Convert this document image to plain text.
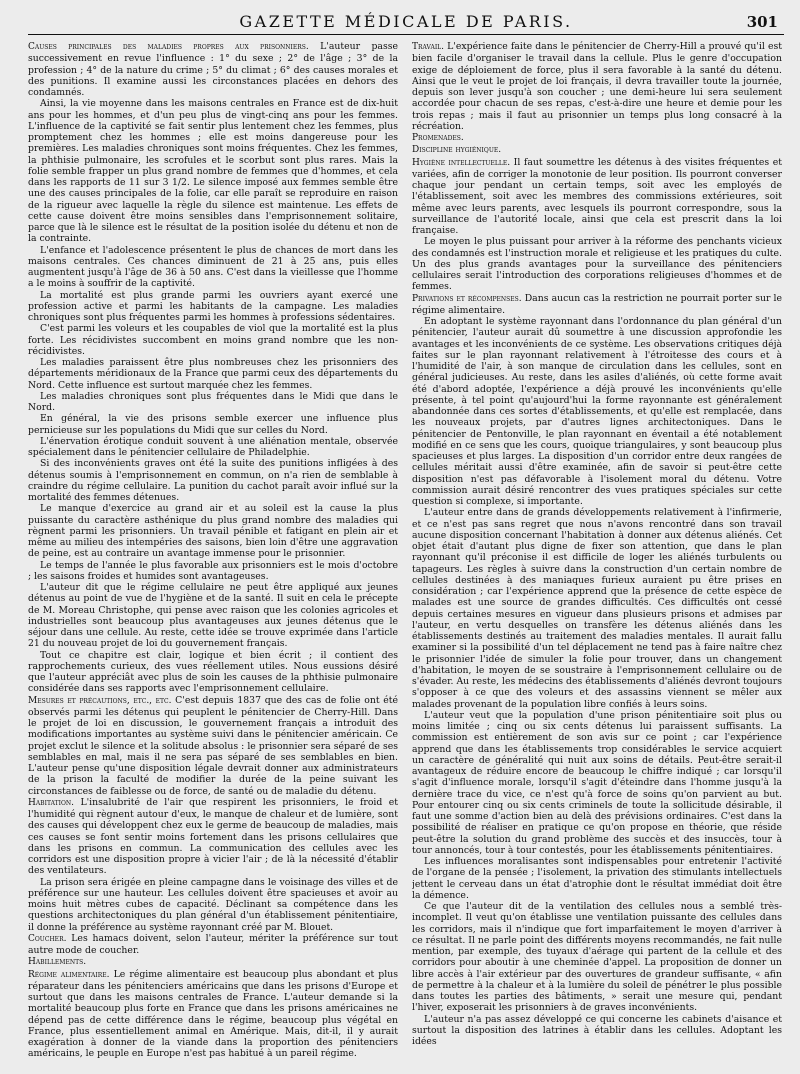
GAZETTE MÉDICALE DE PARIS.	301

Causes principales des maladies propres aux prisonniers. L'auteur passe successivement en revue l'influence : 1° du sexe ; 2° de l'âge ; 3° de la profession ; 4° de la nature du crime ; 5° du climat ; 6° des causes morales et des punitions. Il examine aussi les circonstances placées en dehors des condamnés.

Ainsi, la vie moyenne dans les maisons centrales en France est de dix-huit ans pour les hommes, et d'un peu plus de vingt-cinq ans pour les femmes. L'influence de la captivité se fait sentir plus lentement chez les femmes, plus promptement chez les hommes ; elle est moins dangereuse pour les premières. Les maladies chroniques sont moins fréquentes. Chez les femmes, la phthisie pulmonaire, les scrofules et le scorbut sont plus rares. Mais la folie semble frapper un plus grand nombre de femmes que d'hommes, et cela dans les rapports de 11 sur 3 1/2. Le silence imposé aux femmes semble être une des causes principales de la folie, car elle paraît se reproduire en raison de la rigueur avec laquelle la règle du silence est maintenue. Les effets de cette cause doivent être moins sensibles dans l'emprisonnement solitaire, parce que là le silence est le résultat de la position isolée du détenu et non de la contrainte.

L'enfance et l'adolescence présentent le plus de chances de mort dans les maisons centrales. Ces chances diminuent de 21 à 25 ans, puis elles augmentent jusqu'à l'âge de 36 à 50 ans. C'est dans la vieillesse que l'homme a le moins à souffrir de la captivité.

La mortalité est plus grande parmi les ouvriers ayant exercé une profession active et parmi les habitants de la campagne. Les maladies chroniques sont plus fréquentes parmi les hommes à professions sédentaires.

C'est parmi les voleurs et les coupables de viol que la mortalité est la plus forte. Les récidivistes succombent en moins grand nombre que les non-récidivistes.

Les maladies paraissent être plus nombreuses chez les prisonniers des départements méridionaux de la France que parmi ceux des départements du Nord. Cette influence est surtout marquée chez les femmes.

Les maladies chroniques sont plus fréquentes dans le Midi que dans le Nord.

En général, la vie des prisons semble exercer une influence plus pernicieuse sur les populations du Midi que sur celles du Nord.

L'énervation érotique conduit souvent à une aliénation mentale, observée spécialement dans le pénitencier cellulaire de Philadelphie.

Si des inconvénients graves ont été la suite des punitions infligées à des détenus soumis à l'emprisonnement en commun, on n'a rien de semblable à craindre du régime cellulaire. La punition du cachot paraît avoir influé sur la mortalité des femmes détenues.

Le manque d'exercice au grand air et au soleil est la cause la plus puissante du caractère asthénique du plus grand nombre des maladies qui règnent parmi les prisonniers. Un travail pénible et fatigant en plein air et même au milieu des intempéries des saisons, bien loin d'être une aggravation de peine, est au contraire un avantage immense pour le prisonnier.

Le temps de l'année le plus favorable aux prisonniers est le mois d'octobre ; les saisons froides et humides sont avantageuses.

L'auteur dit que le régime cellulaire ne peut être appliqué aux jeunes détenus au point de vue de l'hygiène et de la santé. Il suit en cela le précepte de M. Moreau Christophe, qui pense avec raison que les colonies agricoles et industrielles sont beaucoup plus avantageuses aux jeunes détenus que le séjour dans une cellule. Au reste, cette idée se trouve exprimée dans l'article 21 du nouveau projet de loi du gouvernement français.

Tout ce chapitre est clair, logique et bien écrit ; il contient des rapprochements curieux, des vues réellement utiles. Nous eussions désiré que l'auteur appréciât avec plus de soin les causes de la phthisie pulmonaire considérée dans ses rapports avec l'emprisonnement cellulaire.

Mesures et précautions, etc., etc. C'est depuis 1837 que des cas de folie ont été observés parmi les détenus qui peuplent le pénitencier de Cherry-Hill. Dans le projet de loi en discussion, le gouvernement français a introduit des modifications importantes au système suivi dans le pénitencier américain. Ce projet exclut le silence et la solitude absolus : le prisonnier sera séparé de ses semblables en mal, mais il ne sera pas séparé de ses semblables en bien. L'auteur pense qu'une disposition légale devrait donner aux administrateurs de la prison la faculté de modifier la durée de la peine suivant les circonstances de faiblesse ou de force, de santé ou de maladie du détenu.

Habitation. L'insalubrité de l'air que respirent les prisonniers, le froid et l'humidité qui règnent autour d'eux, le manque de chaleur et de lumière, sont des causes qui développent chez eux le germe de beaucoup de maladies, mais ces causes se font sentir moins fortement dans les prisons cellulaires que dans les prisons en commun. La communication des cellules avec les corridors est une disposition propre à vicier l'air ; de là la nécessité d'établir des ventilateurs.

La prison sera érigée en pleine campagne dans le voisinage des villes et de préférence sur une hauteur. Les cellules doivent être spacieuses et avoir au moins huit mètres cubes de capacité. Déclinant sa compétence dans les questions architectoniques du plan général d'un établissement pénitentiaire, il donne la préférence au système rayonnant créé par M. Blouet.

Coucher. Les hamacs doivent, selon l'auteur, mériter la préférence sur tout autre mode de coucher.

Habillements.

Régime alimentaire. Le régime alimentaire est beaucoup plus abondant et plus réparateur dans les pénitenciers américains que dans les prisons d'Europe et surtout que dans les maisons centrales de France. L'auteur demande si la mortalité beaucoup plus forte en France que dans les prisons américaines ne dépend pas de cette différence dans le régime, beaucoup plus végétal en France, plus essentiellement animal en Amérique. Mais, dit-il, il y aurait exagération à donner de la viande dans la proportion des pénitenciers américains, le peuple en Europe n'est pas habitué à un pareil régime.

Travail. L'expérience faite dans le pénitencier de Cherry-Hill a prouvé qu'il est bien facile d'organiser le travail dans la cellule. Plus le genre d'occupation exige de déploiement de force, plus il sera favorable à la santé du détenu. Ainsi que le veut le projet de loi français, il devra travailler toute la journée, depuis son lever jusqu'à son coucher ; une demi-heure lui sera seulement accordée pour chacun de ses repas, c'est-à-dire une heure et demie pour les trois repas ; mais il faut au prisonnier un temps plus long consacré à la récréation.

Promenades.

Discipline hygiénique.

Hygiène intellectuelle. Il faut soumettre les détenus à des visites fréquentes et variées, afin de corriger la monotonie de leur position. Ils pourront converser chaque jour pendant un certain temps, soit avec les employés de l'établissement, soit avec les membres des commissions extérieures, soit même avec leurs parents, avec lesquels ils pourront correspondre, sous la surveillance de l'autorité locale, ainsi que cela est prescrit dans la loi française.

Le moyen le plus puissant pour arriver à la réforme des penchants vicieux des condamnés est l'instruction morale et religieuse et les pratiques du culte. Un des plus grands avantages pour la surveillance des pénitenciers cellulaires serait l'introduction des corporations religieuses d'hommes et de femmes.

Privations et récompenses. Dans aucun cas la restriction ne pourrait porter sur le régime alimentaire.

En adoptant le système rayonnant dans l'ordonnance du plan général d'un pénitencier, l'auteur aurait dû soumettre à une discussion approfondie les avantages et les inconvénients de ce système. Les observations critiques déjà faites sur le plan rayonnant relativement à l'étroitesse des cours et à l'humidité de l'air, à son manque de circulation dans les cellules, sont en général judicieuses. Au reste, dans les asiles d'aliénés, où cette forme avait été d'abord adoptée, l'expérience a déjà prouvé les inconvénients qu'elle présente, à tel point qu'aujourd'hui la forme rayonnante est généralement abandonnée dans ces sortes d'établissements, et qu'elle est remplacée, dans les nouveaux projets, par d'autres lignes architectoniques. Dans le pénitencier de Pentonville, le plan rayonnant en éventail a été notablement modifié en ce sens que les cours, quoique triangulaires, y sont beaucoup plus spacieuses et plus larges. La disposition d'un corridor entre deux rangées de cellules méritait aussi d'être examinée, afin de savoir si peut-être cette disposition n'est pas défavorable à l'isolement moral du détenu. Votre commission aurait désiré rencontrer des vues pratiques spéciales sur cette question si complexe, si importante.

L'auteur entre dans de grands développements relativement à l'infirmerie, et ce n'est pas sans regret que nous n'avons rencontré dans son travail aucune disposition concernant l'habitation à donner aux détenus aliénés. Cet objet était d'autant plus digne de fixer son attention, que dans le plan rayonnant qu'il préconise il est difficile de loger les aliénés turbulents ou tapageurs. Les règles à suivre dans la construction d'un certain nombre de cellules destinées à des maniaques furieux auraient pu être prises en considération ; car l'expérience apprend que la présence de cette espèce de malades est une source de grandes difficultés. Ces difficultés ont cessé depuis certaines mesures en vigueur dans plusieurs prisons et admises par l'auteur, en vertu desquelles on transfère les détenus aliénés dans les établissements destinés au traitement des maladies mentales. Il aurait fallu examiner si la possibilité d'un tel déplacement ne tend pas à faire naître chez le prisonnier l'idée de simuler la folie pour trouver, dans un changement d'habitation, le moyen de se soustraire à l'emprisonnement cellulaire ou de s'évader. Au reste, les médecins des établissements d'aliénés devront toujours s'opposer à ce que des voleurs et des assassins viennent se mêler aux malades provenant de la population libre confiés à leurs soins.

L'auteur veut que la population d'une prison pénitentiaire soit plus ou moins limitée ; cinq ou six cents détenus lui paraissent suffisants. La commission est entièrement de son avis sur ce point ; car l'expérience apprend que dans les établissements trop considérables le service acquiert un caractère de généralité qui nuit aux soins de détails. Peut-être serait-il avantageux de réduire encore de beaucoup le chiffre indiqué ; car lorsqu'il s'agit d'influence morale, lorsqu'il s'agit d'éteindre dans l'homme jusqu'à la dernière trace du vice, ce n'est qu'à force de soins qu'on parvient au but. Pour entourer cinq ou six cents criminels de toute la sollicitude désirable, il faut une somme d'action bien au delà des prévisions ordinaires. C'est dans la possibilité de réaliser en pratique ce qu'on propose en théorie, que réside peut-être la solution du grand problème des succès et des insuccès, tour à tour annoncés, tour à tour contestés, pour les établissements pénitentiaires.

Les influences moralisantes sont indispensables pour entretenir l'activité de l'organe de la pensée ; l'isolement, la privation des stimulants intellectuels jettent le cerveau dans un état d'atrophie dont le résultat immédiat doit être la démence.

Ce que l'auteur dit de la ventilation des cellules nous a semblé très-incomplet. Il veut qu'on établisse une ventilation puissante des cellules dans les corridors, mais il n'indique que fort imparfaitement le moyen d'arriver à ce résultat. Il ne parle point des différents moyens recommandés, ne fait nulle mention, par exemple, des tuyaux d'aérage qui partent de la cellule et des corridors pour aboutir à une cheminée d'appel. La proposition de donner un libre accès à l'air extérieur par des ouvertures de grandeur suffisante, « afin de permettre à la chaleur et à la lumière du soleil de pénétrer le plus possible dans toutes les parties des bâtiments, » serait une mesure qui, pendant l'hiver, exposerait les prisonniers à de graves inconvénients.

L'auteur n'a pas assez développé ce qui concerne les cabinets d'aisance et surtout la disposition des latrines à établir dans les cellules. Adoptant les idées
